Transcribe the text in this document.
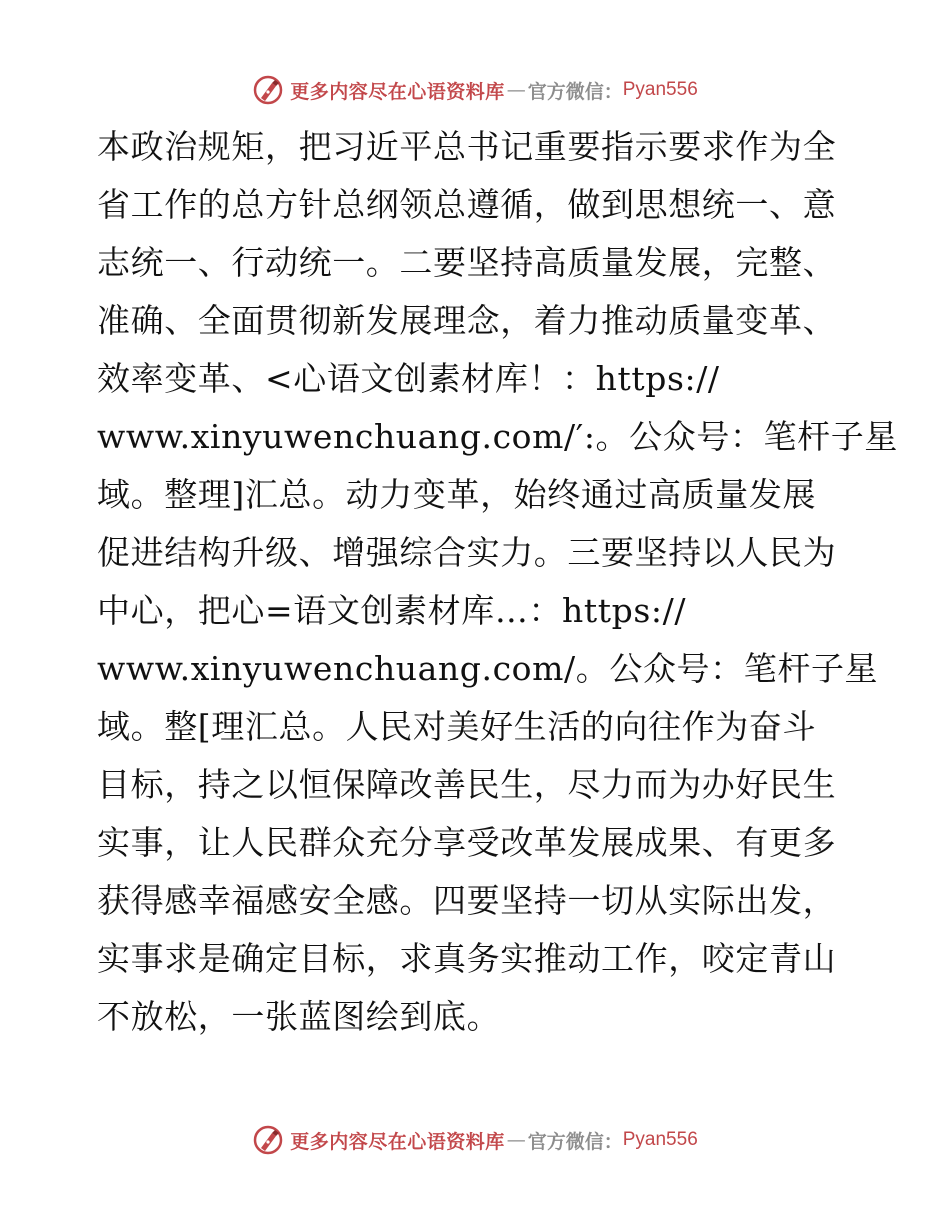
更多内容尽在心语资料库 — 官方微信： Pyan556
本政治规矩，把习近平总书记重要指示要求作为全
省工作的总方针总纲领总遵循，做到思想统一、意
志统一、行动统一。二要坚持高质量发展，完整、
准确、全面贯彻新发展理念，着力推动质量变革、
效率变革、<心语文创素材库！：https://
www.xinyuwenchuang.com/′:。公众号：笔杆子星
域。整理]汇总。动力变革，始终通过高质量发展
促进结构升级、增强综合实力。三要坚持以人民为
中心，把心=语文创素材库…：https://
www.xinyuwenchuang.com/。公众号：笔杆子星
域。整[理汇总。人民对美好生活的向往作为奋斗
目标，持之以恒保障改善民生，尽力而为办好民生
实事，让人民群众充分享受改革发展成果、有更多
获得感幸福感安全感。四要坚持一切从实际出发，
实事求是确定目标，求真务实推动工作，咬定青山
不放松，一张蓝图绘到底。
更多内容尽在心语资料库 — 官方微信： Pyan556
